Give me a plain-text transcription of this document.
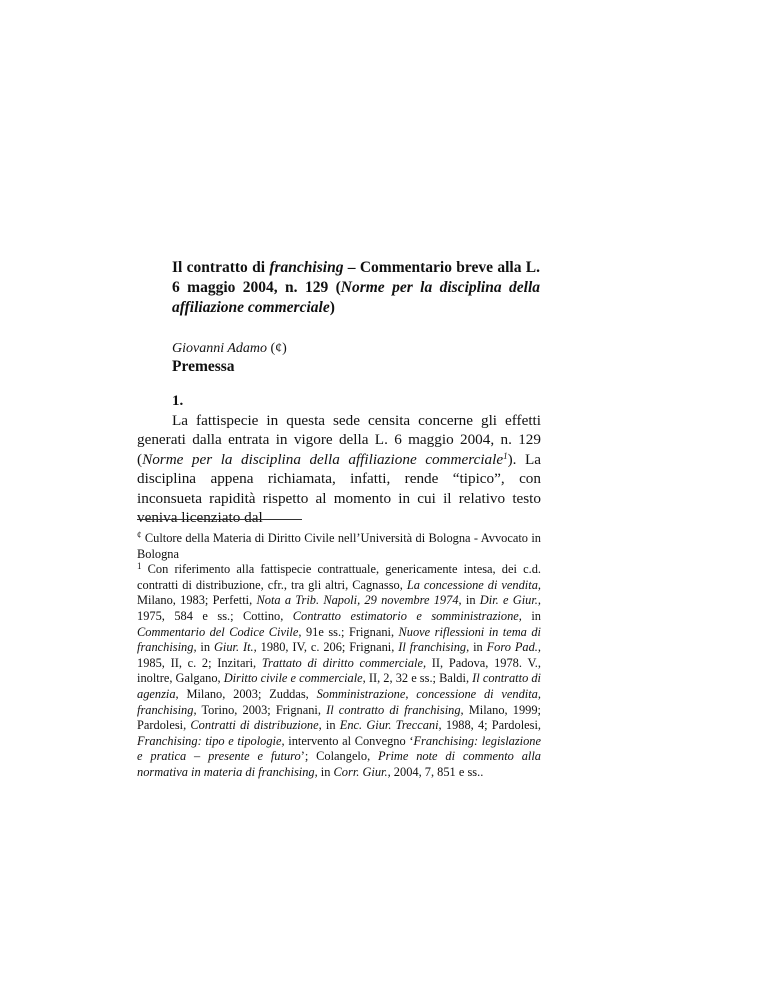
Il contratto di franchising – Commentario breve alla L. 6 maggio 2004, n. 129 (Norme per la disciplina della affiliazione commerciale)
Giovanni Adamo (¢)
Premessa
1.

La fattispecie in questa sede censita concerne gli effetti generati dalla entrata in vigore della L. 6 maggio 2004, n. 129 (Norme per la disciplina della affiliazione commerciale$^1$). La disciplina appena richiamata, infatti, rende “tipico”, con inconsueta rapidità rispetto al momento in cui il relativo testo veniva licenziato dal

¢ Cultore della Materia di Diritto Civile nell’Università di Bologna - Avvocato in Bologna

$^1$ Con riferimento alla fattispecie contrattuale, genericamente intesa, dei c.d. contratti di distribuzione, cfr., tra gli altri, Cagnasso, La concessione di vendita, Milano, 1983; Perfetti, Nota a Trib. Napoli, 29 novembre 1974, in Dir. e Giur., 1975, 584 e ss.; Cottino, Contratto estimatorio e somministrazione, in Commentario del Codice Civile, 91e ss.; Frignani, Nuove riflessioni in tema di franchising, in Giur. It., 1980, IV, c. 206; Frignani, Il franchising, in Foro Pad., 1985, II, c. 2; Inzitari, Trattato di diritto commerciale, II, Padova, 1978. V., inoltre, Galgano, Diritto civile e commerciale, II, 2, 32 e ss.; Baldi, Il contratto di agenzia, Milano, 2003; Zuddas, Somministrazione, concessione di vendita, franchising, Torino, 2003; Frignani, Il contratto di franchising, Milano, 1999; Pardolesi, Contratti di distribuzione, in Enc. Giur. Treccani, 1988, 4; Pardolesi, Franchising: tipo e tipologie, intervento al Convegno ‘Franchising: legislazione e pratica – presente e futuro’; Colangelo, Prime note di commento alla normativa in materia di franchising, in Corr. Giur., 2004, 7, 851 e ss..
